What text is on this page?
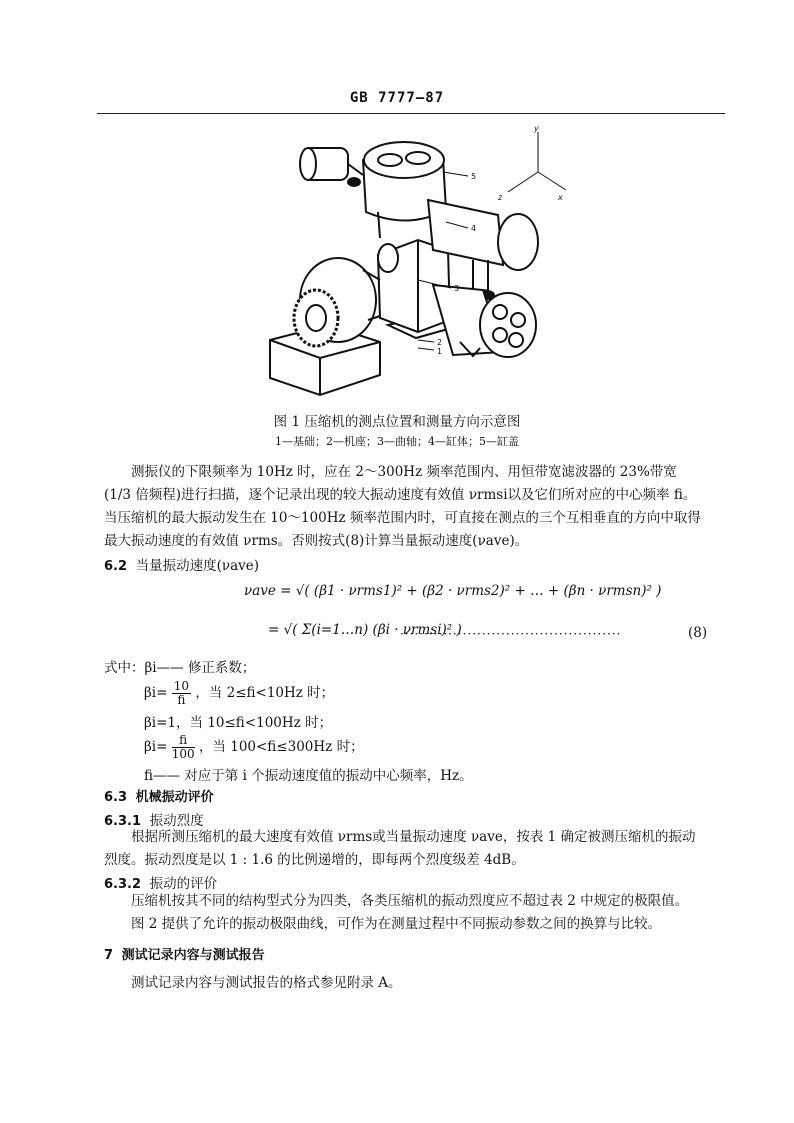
GB 7777—87
5
4
3
2
1
y
z	x
图 1 压缩机的测点位置和测量方向示意图
1—基础；2—机座；3—曲轴；4—缸体；5—缸盖
测振仪的下限频率为 10Hz 时，应在 2～300Hz 频率范围内、用恒带宽滤波器的 23%带宽(1/3 倍频程)进行扫描，逐个记录出现的较大振动速度有效值 νrmsi以及它们所对应的中心频率 fi。当压缩机的最大振动发生在 10～100Hz 频率范围内时，可直接在测点的三个互相垂直的方向中取得最大振动速度的有效值 νrms。否则按式(8)计算当量振动速度(νave)。
6.2 当量振动速度(νave)
νave = √( (β1 · νrms1)² + (β2 · νrms2)² + … + (βn · νrmsn)² )
= √( Σ(i=1…n) (βi · νrmsi)² )
··············································	(8)
式中：βi—— 修正系数；
$\beta i= \frac{10}{fi}$ ，当 2≤fi<10Hz 时；
βi=1，当 10≤fi<100Hz 时；
$\beta i= \frac{fi}{100}$ ，当 100<fi≤300Hz 时；
fi—— 对应于第 i 个振动速度值的振动中心频率，Hz。
6.3 机械振动评价
6.3.1 振动烈度
根据所测压缩机的最大速度有效值 νrms或当量振动速度 νave，按表 1 确定被测压缩机的振动烈度。振动烈度是以 1 : 1.6 的比例递增的，即每两个烈度级差 4dB。
6.3.2 振动的评价
压缩机按其不同的结构型式分为四类，各类压缩机的振动烈度应不超过表 2 中规定的极限值。
图 2 提供了允许的振动极限曲线，可作为在测量过程中不同振动参数之间的换算与比较。
7 测试记录内容与测试报告
测试记录内容与测试报告的格式参见附录 A。
